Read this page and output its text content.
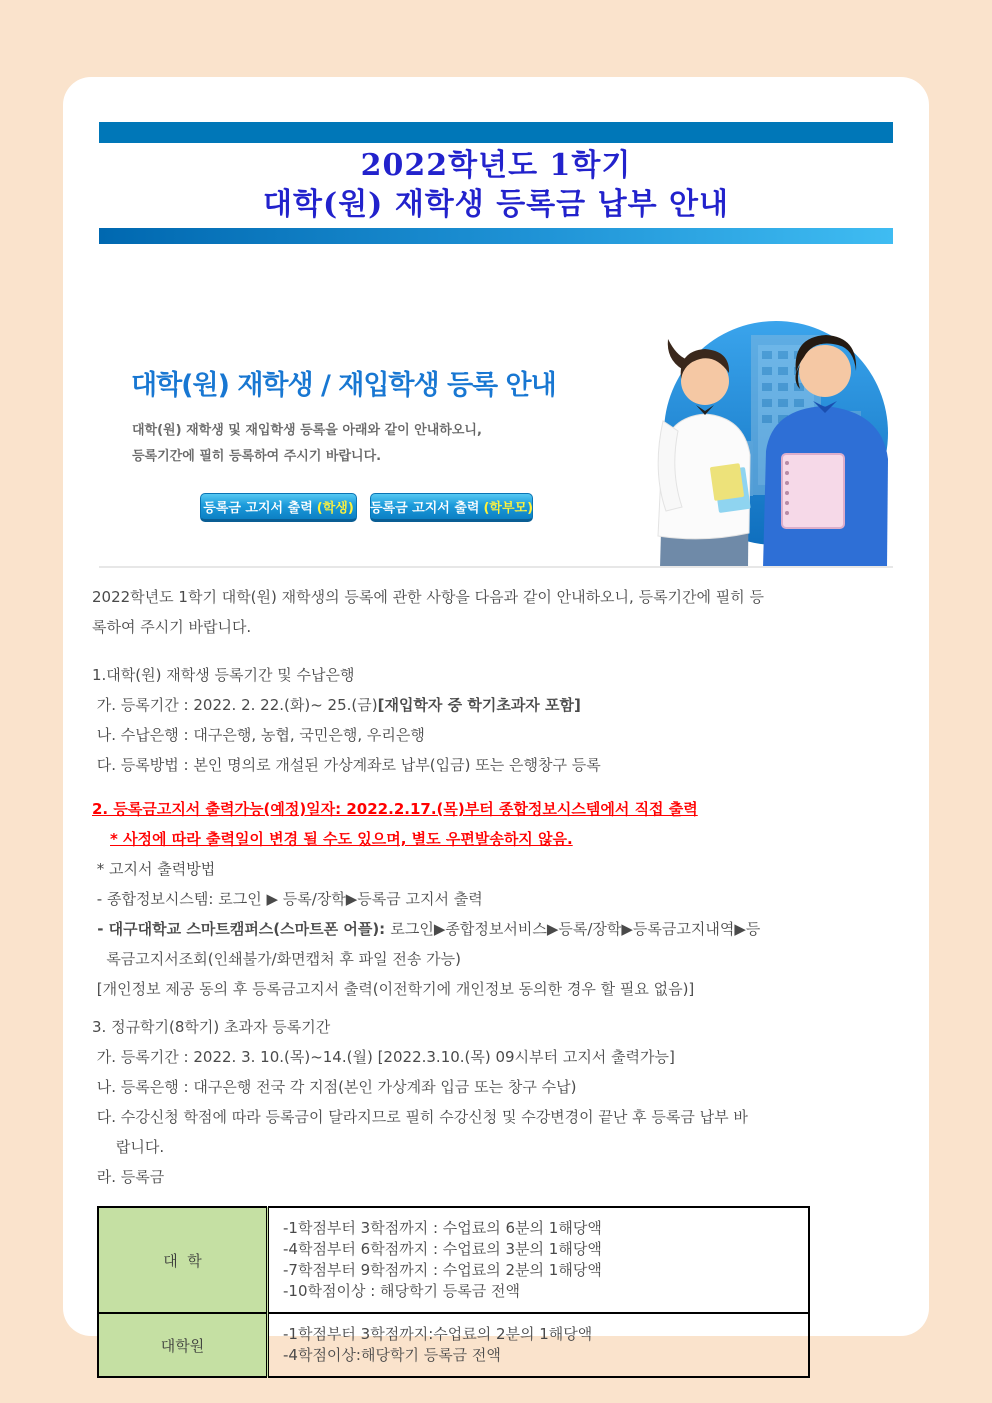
2022학년도 1학기
대학(원) 재학생 등록금 납부 안내
대학(원) 재학생 / 재입학생 등록 안내
대학(원) 재학생 및 재입학생 등록을 아래와 같이 안내하오니,
등록기간에 필히 등록하여 주시기 바랍니다.
등록금 고지서 출력 (학생) 등록금 고지서 출력 (학부모)
2022학년도 1학기 대학(원) 재학생의 등록에 관한 사항을 다음과 같이 안내하오니, 등록기간에 필히 등
록하여 주시기 바랍니다.
1.대학(원) 재학생 등록기간 및 수납은행
가. 등록기간 : 2022. 2. 22.(화)~ 25.(금)[재입학자 중 학기초과자 포함]
나. 수납은행 : 대구은행, 농협, 국민은행, 우리은행
다. 등록방법 : 본인 명의로 개설된 가상계좌로 납부(입금) 또는 은행창구 등록
2. 등록금고지서 출력가능(예정)일자: 2022.2.17.(목)부터 종합정보시스템에서 직접 출력
* 사정에 따라 출력일이 변경 될 수도 있으며, 별도 우편발송하지 않음.
* 고지서 출력방법
- 종합정보시스템: 로그인 ▶ 등록/장학▶등록금 고지서 출력
- 대구대학교 스마트캠퍼스(스마트폰 어플): 로그인▶종합정보서비스▶등록/장학▶등록금고지내역▶등
록금고지서조회(인쇄불가/화면캡처 후 파일 전송 가능)
[개인정보 제공 동의 후 등록금고지서 출력(이전학기에 개인정보 동의한 경우 할 필요 없음)]
3. 정규학기(8학기) 초과자 등록기간
가. 등록기간 : 2022. 3. 10.(목)~14.(월) [2022.3.10.(목) 09시부터 고지서 출력가능]
나. 등록은행 : 대구은행 전국 각 지점(본인 가상계좌 입금 또는 창구 수납)
다. 수강신청 학점에 따라 등록금이 달라지므로 필히 수강신청 및 수강변경이 끝난 후 등록금 납부 바
랍니다.
라. 등록금
대  학	-1학점부터 3학점까지 : 수업료의 6분의 1해당액
-4학점부터 6학점까지 : 수업료의 3분의 1해당액
-7학점부터 9학점까지 : 수업료의 2분의 1해당액
-10학점이상 : 해당학기 등록금 전액

대학원	-1학점부터 3학점까지:수업료의 2분의 1해당액
-4학점이상:해당학기 등록금 전액
